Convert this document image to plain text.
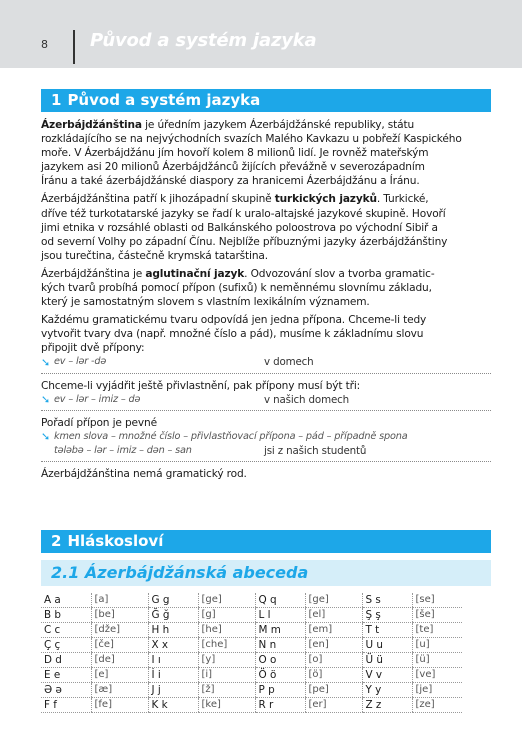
8 Původ a systém jazyka
1 Původ a systém jazyka

Ázerbájdžánština je úředním jazykem Ázerbájdžánské republiky, státu

rozkládajícího se na nejvýchodních svazích Malého Kavkazu u pobřeží Kaspického

moře. V Ázerbájdžánu jím hovoří kolem 8 milionů lidí. Je rovněž mateřským

jazykem asi 20 milionů Ázerbájdžánců žijících převážně v severozápadním

Íránu a také ázerbájdžánské diaspory za hranicemi Ázerbájdžánu a Íránu.

Ázerbájdžánština patří k jihozápadní skupině turkických jazyků. Turkické,

dříve též turkotatarské jazyky se řadí k uralo-altajské jazykové skupině. Hovoří

jimi etnika v rozsáhlé oblasti od Balkánského poloostrova po východní Sibiř a

od severní Volhy po západní Čínu. Nejblíže příbuznými jazyky ázerbájdžánštiny

jsou turečtina, částečně krymská tatarština.

Ázerbájdžánština je aglutinační jazyk. Odvozování slov a tvorba gramatic-

kých tvarů probíhá pomocí přípon (sufixů) k neměnnému slovnímu základu,

který je samostatným slovem s vlastním lexikálním významem.

Každému gramatickému tvaru odpovídá jen jedna přípona. Chceme-li tedy

vytvořit tvary dva (např. množné číslo a pád), musíme k základnímu slovu

připojit dvě přípony:

➘ ev – lər -də	v domech

Chceme-li vyjádřit ještě přivlastnění, pak přípony musí být tři:

➘ ev – lər – imiz – də	v našich domech

Pořadí přípon je pevné

➘ kmen slova – množné číslo – přivlastňovací přípona – pád – případně spona
tələbə – lər – imiz – dən – san	jsi z našich studentů

Ázerbájdžánština nemá gramatický rod.

2 Hláskosloví
2.1 Ázerbájdžánská abeceda
A a	[a]	G g	[ge]	Q q	[ge]	S s	[se]
B b	[be]	Ğ ğ	[g]	L l	[el]	Ş ş	[še]
C c	[dže]	H h	[he]	M m	[em]	T t	[te]
Ç ç	[če]	X x	[che]	N n	[en]	U u	[u]
D d	[de]	I ı	[y]	O o	[o]	Ü ü	[ü]
E e	[e]	İ i	[i]	Ö ö	[ö]	V v	[ve]
Ə ə	[æ]	J j	[ž]	P p	[pe]	Y y	[je]
F f	[fe]	K k	[ke]	R r	[er]	Z z	[ze]
